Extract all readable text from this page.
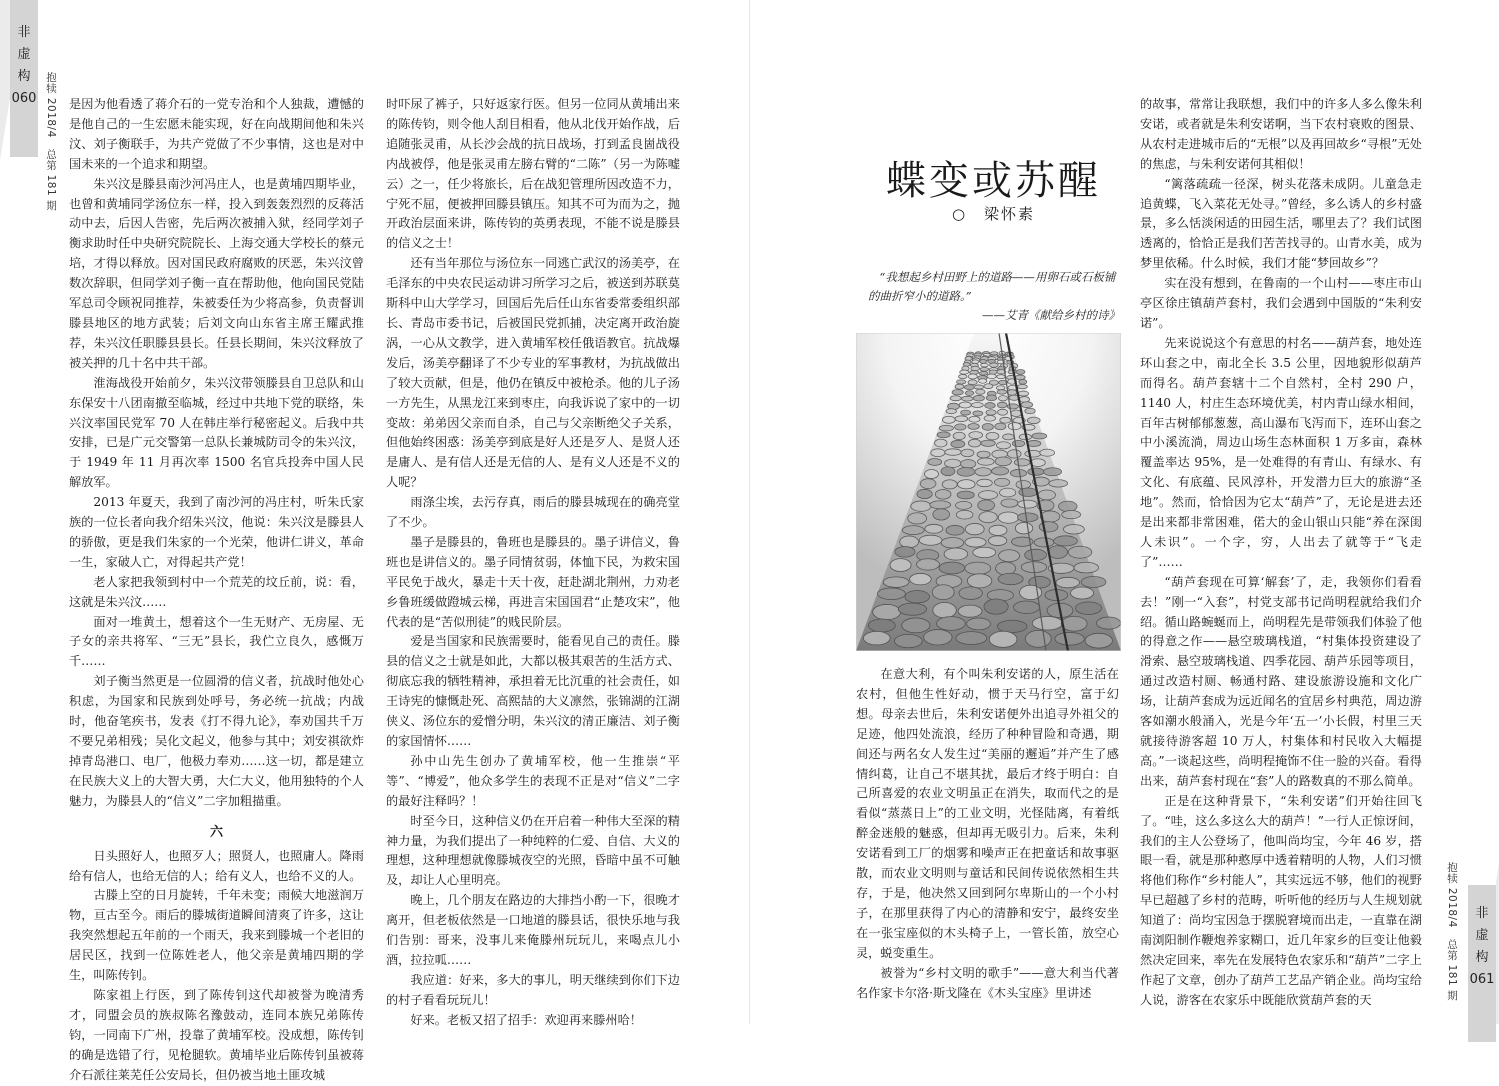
非
虚
构
060 抱犊 2018/4　总第 181 期 是因为他看透了蒋介石的一党专治和个人独裁，遭憾的是他自己的一生宏愿未能实现，好在向战期间他和朱兴汶、刘子衡联手，为共产党做了不少事情，这也是对中国未来的一个追求和期望。

朱兴汶是滕县南沙河冯庄人，也是黄埔四期毕业，也曾和黄埔同学汤位东一样，投入到轰轰烈烈的反蒋活动中去，后因人告密，先后两次被捕入狱，经同学刘子衡求助时任中央研究院院长、上海交通大学校长的蔡元培，才得以释放。因对国民政府腐败的厌恶，朱兴汶曾数次辞职，但同学刘子衡一直在帮助他，他向国民党陆军总司令顾祝同推荐，朱被委任为少将高参，负责督训滕县地区的地方武装；后刘文向山东省主席王耀武推荐，朱兴汶任职滕县县长。任县长期间，朱兴汶释放了被关押的几十名中共干部。

淮海战役开始前夕，朱兴汶带领滕县自卫总队和山东保安十八团南撤至临城，经过中共地下党的联络，朱兴汶率国民党军 70 人在韩庄举行秘密起义。后我中共安排，已是广元交警第一总队长兼城防司令的朱兴汶，于 1949 年 11 月再次率 1500 名官兵投奔中国人民解放军。

2013 年夏天，我到了南沙河的冯庄村，听朱氏家族的一位长者向我介绍朱兴汶，他说：朱兴汶是滕县人的骄傲，更是我们朱家的一个光荣，他讲仁讲义，革命一生，家破人亡，对得起共产党！

老人家把我领到村中一个荒芜的坟丘前，说：看，这就是朱兴汶……

面对一堆黄土，想着这个一生无财产、无房屋、无子女的亲共将军、“三无”县长，我伫立良久，感慨万千……

刘子衡当然更是一位圆滑的信义者，抗战时他处心积虑，为国家和民族到处呼号，务必统一抗战；内战时，他奋笔疾书，发表《打不得九论》，奉劝国共千万不要兄弟相残；吴化文起义，他参与其中；刘安祺欲炸掉青岛港口、电厂，他极力奉劝……这一切，都是建立在民族大义上的大智大勇，大仁大义，他用独特的个人魅力，为滕县人的“信义”二字加粗描重。

六

日头照好人，也照歹人；照贤人，也照庸人。降雨给有信人，也给无信的人；给有义人，也给不义的人。

古滕上空的日月旋转，千年未变；雨候大地滋润万物，亘古至今。雨后的滕城街道瞬间清爽了许多，这让我突然想起五年前的一个雨天，我来到滕城一个老旧的居民区，找到一位陈姓老人，他父亲是黄埔四期的学生，叫陈传钊。

陈家祖上行医，到了陈传钊这代却被誉为晚清秀才，同盟会员的族叔陈名豫鼓动，连同本族兄弟陈传钧，一同南下广州，投靠了黄埔军校。没成想，陈传钊的确是选错了行，见枪腿软。黄埔毕业后陈传钊虽被蒋介石派往莱芜任公安局长，但仍被当地土匪攻城

时吓尿了裤子，只好返家行医。但另一位同从黄埔出来的陈传钧，则令他人刮目相看，他从北伐开始作战，后追随张灵甫，从长沙会战的抗日战场，打到孟良崮战役内战被俘，他是张灵甫左膀右臂的“二陈”（另一为陈嘘云）之一，任少将旅长，后在战犯管理所因改造不力，宁死不屈，便被押回滕县镇压。知其不可为而为之，抛开政治层面来讲，陈传钧的英勇表现，不能不说是滕县的信义之士！

还有当年那位与汤位东一同逃亡武汉的汤美亭，在毛泽东的中央农民运动讲习所学习之后，被送到苏联莫斯科中山大学学习，回国后先后任山东省委常委组织部长、青岛市委书记，后被国民党抓捕，决定离开政治旋涡，一心从文教学，进入黄埔军校任俄语教官。抗战爆发后，汤美亭翻译了不少专业的军事教材，为抗战做出了较大贡献，但是，他仍在镇反中被枪杀。他的儿子汤一方先生，从黑龙江来到枣庄，向我诉说了家中的一切变故：弟弟因父亲而自杀，自己与父亲断绝父子关系，但他始终困惑：汤美亭到底是好人还是歹人、是贤人还是庸人、是有信人还是无信的人、是有义人还是不义的人呢？

雨涤尘埃，去污存真，雨后的滕县城现在的确亮堂了不少。

墨子是滕县的，鲁班也是滕县的。墨子讲信义，鲁班也是讲信义的。墨子同情贫弱，体恤下民，为救宋国平民免于战火，暴走十天十夜，赶赴湖北荆州，力劝老乡鲁班缓做蹬城云梯，再进言宋国国君“止楚攻宋”，他代表的是“苦似刑徒”的贱民阶层。

爱是当国家和民族需要时，能看见自己的责任。滕县的信义之士就是如此，大都以极其艰苦的生活方式、彻底忘我的牺牲精神，承担着无比沉重的社会责任，如王诗宪的慷慨赴死、高熙喆的大义凛然，张锦湖的江湖侠义、汤位东的爱憎分明，朱兴汶的清正廉洁、刘子衡的家国情怀……

孙中山先生创办了黄埔军校，他一生推崇“平等”、“博爱”，他众多学生的表现不正是对“信义”二字的最好注释吗？！

时至今日，这种信义仍在开启着一种伟大至深的精神力量，为我们提出了一种纯粹的仁爱、自信、大义的理想，这种理想就像滕城夜空的光照，昏暗中虽不可触及，却让人心里明亮。

晚上，几个朋友在路边的大排挡小酌一下，很晚才离开，但老板依然是一口地道的滕县话，很快乐地与我们告别：哥来，没事儿来俺滕州玩玩儿，来喝点儿小酒，拉拉呱……

我应道：好来，多大的事儿，明天继续到你们下边的村子看看玩玩儿！

好来。老板又招了招手：欢迎再来滕州哈！

非
虚
构
061
抱犊 2018/4　总第 181 期
蝶变或苏醒
○　梁怀素

“我想起乡村田野上的道路——用卵石或石板铺的曲折窄小的道路。”

——艾青《献给乡村的诗》

在意大利，有个叫朱利安诺的人，原生活在农村，但他生性好动，惯于天马行空，富于幻想。母亲去世后，朱利安诺便外出追寻外祖父的足迹，他四处流浪，经历了种种冒险和奇遇，期间还与两名女人发生过“美丽的邂逅”并产生了感情纠葛，让自己不堪其扰，最后才终于明白：自己所喜爱的农业文明虽正在消失，取而代之的是看似“蒸蒸日上”的工业文明，光怪陆离，有着纸醉金迷般的魅惑，但却再无吸引力。后来，朱利安诺看到工厂的烟雾和噪声正在把童话和故事驱散，而农业文明则与童话和民间传说依然相生共存，于是，他决然又回到阿尔卑斯山的一个小村子，在那里获得了内心的清静和安宁，最终安坐在一张宝座似的木头椅子上，一管长笛，放空心灵，蜕变重生。

被誉为“乡村文明的歌手”——意大利当代著名作家卡尔洛·斯戈隆在《木头宝座》里讲述

的故事，常常让我联想，我们中的许多人多么像朱利安诺，或者就是朱利安诺啊，当下农村衰败的图景、从农村走进城市后的“无根”以及再回故乡“寻根”无处的焦虑，与朱利安诺何其相似！

“篱落疏疏一径深，树头花落未成阴。儿童急走追黄蝶，飞入菜花无处寻。”曾经，多么诱人的乡村盛景，多么恬淡闲适的田园生活，哪里去了？我们试图透离的，恰恰正是我们苦苦找寻的。山青水美，成为梦里依稀。什么时候，我们才能“梦回故乡”？

实在没有想到，在鲁南的一个山村——枣庄市山亭区徐庄镇葫芦套村，我们会遇到中国版的“朱利安诺”。

先来说说这个有意思的村名——葫芦套，地处连环山套之中，南北全长 3.5 公里，因地貌形似葫芦而得名。葫芦套辖十二个自然村，全村 290 户，1140 人，村庄生态环境优美，村内青山绿水相间，百年古树郁郁葱葱，高山瀑布飞泻而下，连环山套之中小溪流淌，周边山场生态林面积 1 万多亩，森林覆盖率达 95%，是一处难得的有青山、有绿水、有文化、有底蕴、民风淳朴，开发潜力巨大的旅游“圣地”。然而，恰恰因为它太“葫芦”了，无论是进去还是出来都非常困难，偌大的金山银山只能“养在深闺人未识”。一个字，穷，人出去了就等于“飞走了”……

“葫芦套现在可算‘解套’了，走，我领你们看看去！”刚一“入套”，村党支部书记尚明程就给我们介绍。循山路蜿蜒而上，尚明程先是带领我们体验了他的得意之作——悬空玻璃栈道，“村集体投资建设了滑索、悬空玻璃栈道、四季花园、葫芦乐园等项目，通过改造村厕、畅通村路、建设旅游设施和文化广场，让葫芦套成为远近闻名的宜居乡村典范，周边游客如潮水般涌入，光是今年‘五一’小长假，村里三天就接待游客超 10 万人，村集体和村民收入大幅提高。”一谈起这些，尚明程掩饰不住一脸的兴奋。看得出来，葫芦套村现在“套”人的路数真的不那么简单。

正是在这种背景下，“朱利安诺”们开始往回飞了。“哇，这么多这么大的葫芦！”一行人正惊讶间，我们的主人公登场了，他叫尚均宝，今年 46 岁，搭眼一看，就是那种憨厚中透着精明的人物，人们习惯将他们称作“乡村能人”，其实远远不够，他们的视野早已超越了乡村的范畴，听听他的经历与人生规划就知道了：尚均宝因急于摆脱窘境而出走，一直靠在湖南浏阳制作鞭炮养家糊口，近几年家乡的巨变让他毅然决定回来，率先在发展特色农家乐和“葫芦”二字上作起了文章，创办了葫芦工艺品产销企业。尚均宝给人说，游客在农家乐中既能欣赏葫芦套的天
